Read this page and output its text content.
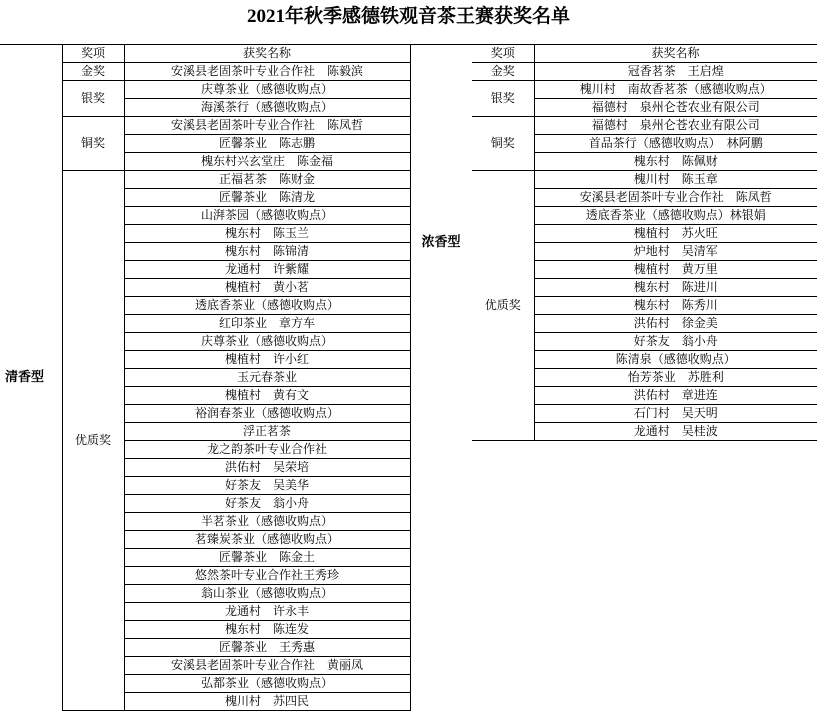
2021年秋季感德铁观音茶王赛获奖名单
清香型	奖项	获奖名称
	金奖	安溪县老固茶叶专业合作社　陈毅滨
	银奖	庆尊茶业（感德收购点）
		海溪茶行（感德收购点）
	铜奖	安溪县老固茶叶专业合作社　陈凤哲
		匠馨茶业　陈志鹏
		槐东村兴玄堂庄　陈金福
	优质奖	正福茗茶　陈财金
		匠馨茶业　陈清龙
		山湃茶园（感德收购点）
		槐东村　陈玉兰
		槐东村　陈锦清
		龙通村　许紫耀
		槐植村　黄小茗
		透底香茶业（感德收购点）
		红印茶业　章方车
		庆尊茶业（感德收购点）
		槐植村　许小红
		玉元春茶业
		槐植村　黄有文
		裕润春茶业（感德收购点）
		浮正茗茶
		龙之韵茶叶专业合作社
		洪佑村　吴荣培
		好茶友　吴美华
		好茶友　翁小舟
		半茗茶业（感德收购点）
		茗臻炭茶业（感德收购点）
		匠馨茶业　陈金土
		悠然茶叶专业合作社王秀珍
		翁山茶业（感德收购点）
		龙通村　许永丰
		槐东村　陈连发
		匠馨茶业　王秀惠
		安溪县老固茶叶专业合作社　黄丽凤
		弘都茶业（感德收购点）
		槐川村　苏四民
浓香型	奖项	获奖名称
	金奖	冠香茗茶　王启煌
	银奖	槐川村　南故香茗茶（感德收购点）
		福德村　泉州仑苍农业有限公司
	铜奖	福德村　泉州仑苍农业有限公司
		首品茶行（感德收购点）　林阿鹏
		槐东村　陈佩财
	优质奖	槐川村　陈玉章
		安溪县老固茶叶专业合作社　陈凤哲
		透底香茶业（感德收购点）林银娟
		槐植村　苏火旺
		炉地村　吴清军
		槐植村　黄万里
		槐东村　陈进川
		槐东村　陈秀川
		洪佑村　徐金美
		好茶友　翁小舟
		陈清泉（感德收购点）
		怡芳茶业　苏胜利
		洪佑村　章进连
		石门村　吴天明
		龙通村　吴桂波
